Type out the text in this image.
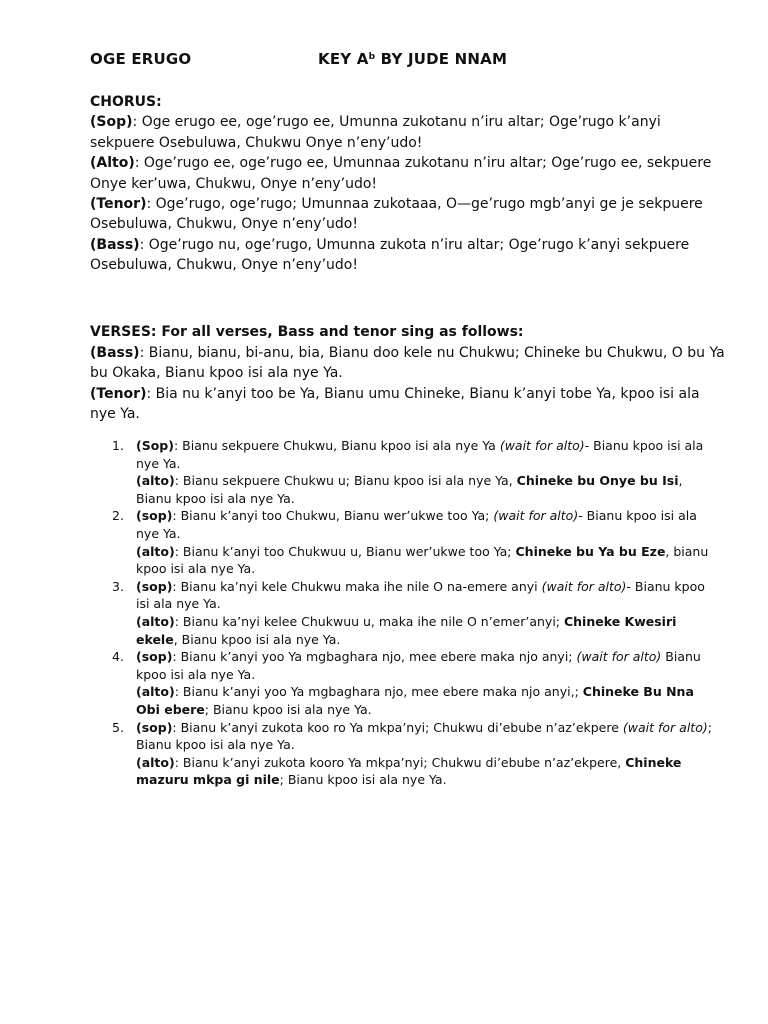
OGE ERUGO	KEY $A^b$ BY JUDE NNAM
CHORUS:

(Sop): Oge erugo ee, oge’rugo ee, Umunna zukotanu n’iru altar; Oge’rugo k’anyi sekpuere Osebuluwa, Chukwu Onye n’eny’udo!

(Alto): Oge’rugo ee, oge’rugo ee, Umunnaa zukotanu n’iru altar; Oge’rugo ee, sekpuere Onye ker’uwa, Chukwu, Onye n’eny’udo!

(Tenor): Oge’rugo, oge’rugo; Umunnaa zukotaaa, O—ge’rugo mgb’anyi ge je sekpuere Osebuluwa, Chukwu, Onye n’eny’udo!

(Bass): Oge’rugo nu, oge’rugo, Umunna zukota n’iru altar; Oge’rugo k’anyi sekpuere Osebuluwa, Chukwu, Onye n’eny’udo!

VERSES: For all verses, Bass and tenor sing as follows:

(Bass): Bianu, bianu, bi-anu, bia, Bianu doo kele nu Chukwu; Chineke bu Chukwu, O bu Ya bu Okaka, Bianu kpoo isi ala nye Ya.

(Tenor): Bia nu k’anyi too be Ya, Bianu umu Chineke, Bianu k’anyi tobe Ya, kpoo isi ala nye Ya.

1. (Sop): Bianu sekpuere Chukwu, Bianu kpoo isi ala nye Ya (wait for alto)- Bianu kpoo isi ala nye Ya.

(alto): Bianu sekpuere Chukwu u; Bianu kpoo isi ala nye Ya, Chineke bu Onye bu Isi, Bianu kpoo isi ala nye Ya.

2. (sop): Bianu k’anyi too Chukwu, Bianu wer’ukwe too Ya; (wait for alto)- Bianu kpoo isi ala nye Ya.

(alto): Bianu k’anyi too Chukwuu u, Bianu wer’ukwe too Ya; Chineke bu Ya bu Eze, bianu kpoo isi ala nye Ya.

3. (sop): Bianu ka’nyi kele Chukwu maka ihe nile O na-emere anyi (wait for alto)- Bianu kpoo isi ala nye Ya.

(alto): Bianu ka’nyi kelee Chukwuu u, maka ihe nile O n’emer’anyi; Chineke Kwesiri ekele, Bianu kpoo isi ala nye Ya.

4. (sop): Bianu k’anyi yoo Ya mgbaghara njo, mee ebere maka njo anyi; (wait for alto) Bianu kpoo isi ala nye Ya.

(alto): Bianu k’anyi yoo Ya mgbaghara njo, mee ebere maka njo anyi,; Chineke Bu Nna Obi ebere; Bianu kpoo isi ala nye Ya.

5. (sop): Bianu k’anyi zukota koo ro Ya mkpa’nyi; Chukwu di’ebube n’az’ekpere (wait for alto); Bianu kpoo isi ala nye Ya.

(alto): Bianu k’anyi zukota kooro Ya mkpa’nyi; Chukwu di’ebube n’az’ekpere, Chineke mazuru mkpa gi nile; Bianu kpoo isi ala nye Ya.
